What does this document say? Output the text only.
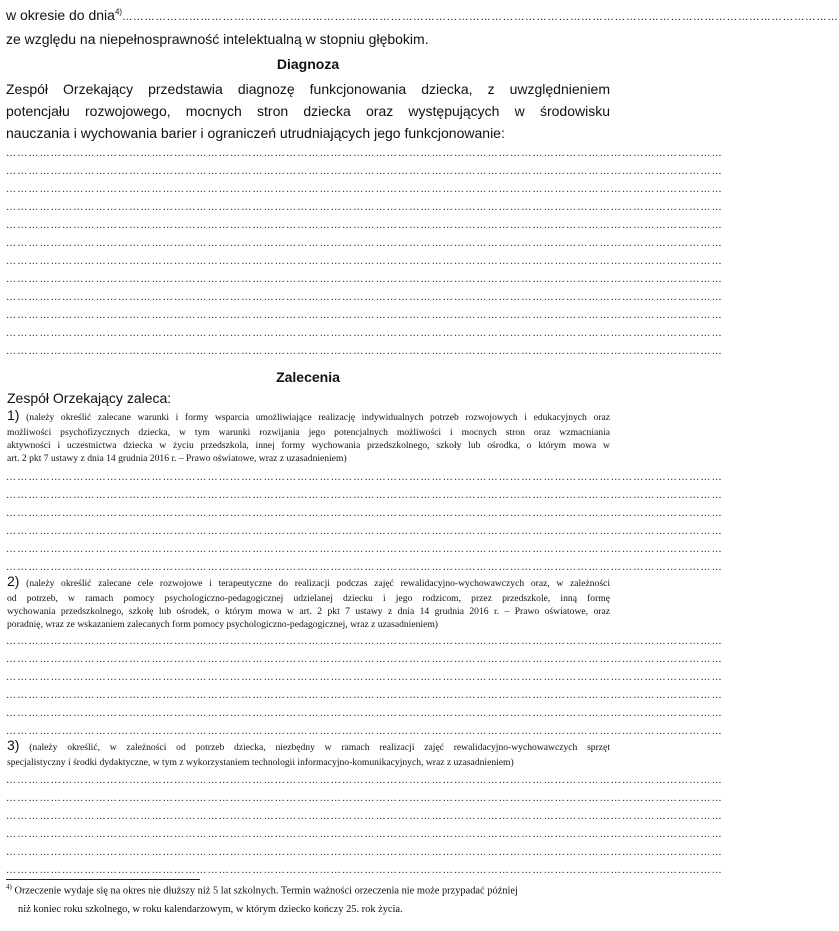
w okresie do dnia$^{4)}$…………………………………………………………………………………………………………………………………………………………………………
ze względu na niepełnosprawność intelektualną w stopniu głębokim.
Diagnoza
Zespół Orzekający przedstawia diagnozę funkcjonowania dziecka, z uwzględnieniem
potencjału rozwojowego, mocnych stron dziecka oraz występujących w środowisku
nauczania i wychowania barier i ograniczeń utrudniających jego funkcjonowanie:
…………………………………………………………………………………………………………………………………………………………………………
…………………………………………………………………………………………………………………………………………………………………………
…………………………………………………………………………………………………………………………………………………………………………
…………………………………………………………………………………………………………………………………………………………………………
…………………………………………………………………………………………………………………………………………………………………………
…………………………………………………………………………………………………………………………………………………………………………
…………………………………………………………………………………………………………………………………………………………………………
…………………………………………………………………………………………………………………………………………………………………………
…………………………………………………………………………………………………………………………………………………………………………
…………………………………………………………………………………………………………………………………………………………………………
…………………………………………………………………………………………………………………………………………………………………………
…………………………………………………………………………………………………………………………………………………………………………
Zalecenia
Zespół Orzekający zaleca:
1) (należy określić zalecane warunki i formy wsparcia umożliwiające realizację indywidualnych potrzeb rozwojowych i edukacyjnych oraz
możliwości psychofizycznych dziecka, w tym warunki rozwijania jego potencjalnych możliwości i mocnych stron oraz wzmacniania
aktywności i uczestnictwa dziecka w życiu przedszkola, innej formy wychowania przedszkolnego, szkoły lub ośrodka, o którym mowa w
art. 2 pkt 7 ustawy z dnia 14 grudnia 2016 r. – Prawo oświatowe, wraz z uzasadnieniem)
…………………………………………………………………………………………………………………………………………………………………………
…………………………………………………………………………………………………………………………………………………………………………
…………………………………………………………………………………………………………………………………………………………………………
…………………………………………………………………………………………………………………………………………………………………………
…………………………………………………………………………………………………………………………………………………………………………
…………………………………………………………………………………………………………………………………………………………………………
2) (należy określić zalecane cele rozwojowe i terapeutyczne do realizacji podczas zajęć rewalidacyjno-wychowawczych oraz, w zależności
od potrzeb, w ramach pomocy psychologiczno-pedagogicznej udzielanej dziecku i jego rodzicom, przez przedszkole, inną formę
wychowania przedszkolnego, szkołę lub ośrodek, o którym mowa w art. 2 pkt 7 ustawy z dnia 14 grudnia 2016 r. – Prawo oświatowe, oraz
poradnię, wraz ze wskazaniem zalecanych form pomocy psychologiczno-pedagogicznej, wraz z uzasadnieniem)
…………………………………………………………………………………………………………………………………………………………………………
…………………………………………………………………………………………………………………………………………………………………………
…………………………………………………………………………………………………………………………………………………………………………
…………………………………………………………………………………………………………………………………………………………………………
…………………………………………………………………………………………………………………………………………………………………………
…………………………………………………………………………………………………………………………………………………………………………
3) (należy określić, w zależności od potrzeb dziecka, niezbędny w ramach realizacji zajęć rewalidacyjno-wychowawczych sprzęt
specjalistyczny i środki dydaktyczne, w tym z wykorzystaniem technologii informacyjno-komunikacyjnych, wraz z uzasadnieniem)
…………………………………………………………………………………………………………………………………………………………………………
…………………………………………………………………………………………………………………………………………………………………………
…………………………………………………………………………………………………………………………………………………………………………
…………………………………………………………………………………………………………………………………………………………………………
…………………………………………………………………………………………………………………………………………………………………………
…………………………………………………………………………………………………………………………………………………………………………
$^{4)}$ Orzeczenie wydaje się na okres nie dłuższy niż 5 lat szkolnych. Termin ważności orzeczenia nie może przypadać później
niż koniec roku szkolnego, w roku kalendarzowym, w którym dziecko kończy 25. rok życia.
